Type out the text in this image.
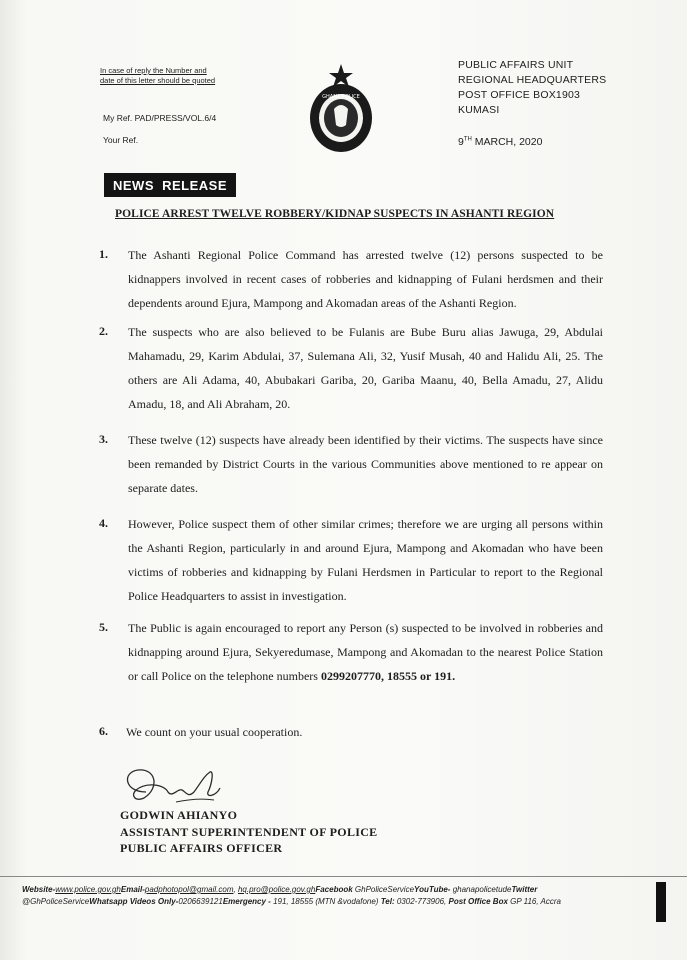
In case of reply the Number and date of this letter should be quoted
My Ref. PAD/PRESS/VOL.6/4
Your Ref.
GHANA POLICE
PUBLIC AFFAIRS UNIT
REGIONAL HEADQUARTERS
POST OFFICE BOX1903
KUMASI
9TH MARCH, 2020
NEWS RELEASE
POLICE ARREST TWELVE ROBBERY/KIDNAP SUSPECTS IN ASHANTI REGION
1. The Ashanti Regional Police Command has arrested twelve (12) persons suspected to be kidnappers involved in recent cases of robberies and kidnapping of Fulani herdsmen and their dependents around Ejura, Mampong and Akomadan areas of the Ashanti Region.
2. The suspects who are also believed to be Fulanis are Bube Buru alias Jawuga, 29, Abdulai Mahamadu, 29, Karim Abdulai, 37, Sulemana Ali, 32, Yusif Musah, 40 and Halidu Ali, 25. The others are Ali Adama, 40, Abubakari Gariba, 20, Gariba Maanu, 40, Bella Amadu, 27, Alidu Amadu, 18, and Ali Abraham, 20.
3. These twelve (12) suspects have already been identified by their victims. The suspects have since been remanded by District Courts in the various Communities above mentioned to re appear on separate dates.
4. However, Police suspect them of other similar crimes; therefore we are urging all persons within the Ashanti Region, particularly in and around Ejura, Mampong and Akomadan who have been victims of robberies and kidnapping by Fulani Herdsmen in Particular to report to the Regional Police Headquarters to assist in investigation.
5. The Public is again encouraged to report any Person (s) suspected to be involved in robberies and kidnapping around Ejura, Sekyeredumase, Mampong and Akomadan to the nearest Police Station or call Police on the telephone numbers 0299207770, 18555 or 191.
6. We count on your usual cooperation.
GODWIN AHIANYO
ASSISTANT SUPERINTENDENT OF POLICE
PUBLIC AFFAIRS OFFICER
Website-www.police.gov.ghEmail-padphotopol@gmail.com, hq.pro@police.gov.ghFacebook GhPoliceServiceYouTube- ghanapolicetudeTwitter
@GhPoliceServiceWhatsapp Videos Only-0206639121Emergency - 191, 18555 (MTN &vodafone) Tel: 0302-773906, Post Office Box GP 116, Accra
